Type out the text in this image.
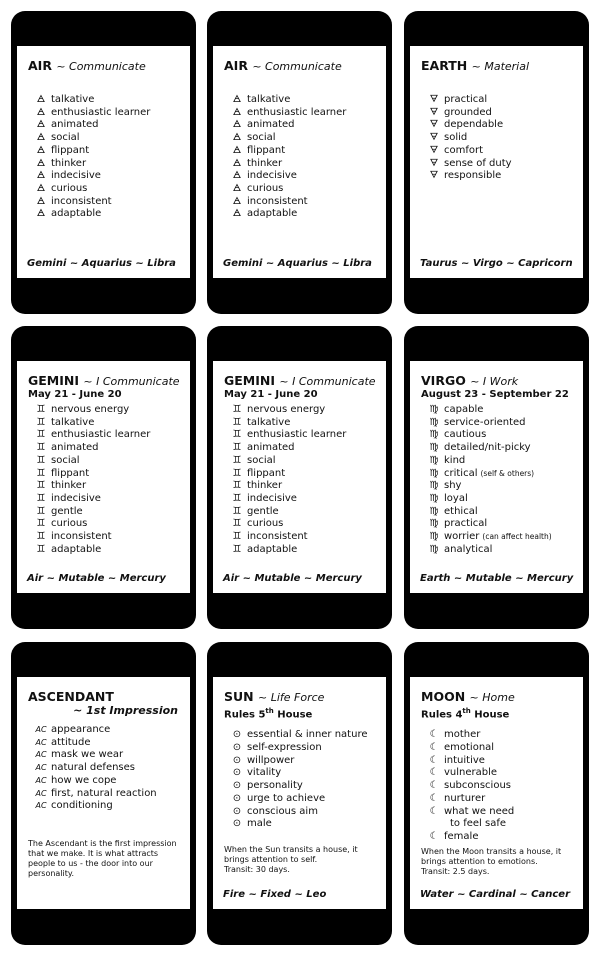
AIR ~ Communicate
🜁 talkative
🜁 enthusiastic learner
🜁 animated
🜁 social
🜁 flippant
🜁 thinker
🜁 indecisive
🜁 curious
🜁 inconsistent
🜁 adaptable
Gemini ~ Aquarius ~ Libra
AIR ~ Communicate
🜁 talkative
🜁 enthusiastic learner
🜁 animated
🜁 social
🜁 flippant
🜁 thinker
🜁 indecisive
🜁 curious
🜁 inconsistent
🜁 adaptable
Gemini ~ Aquarius ~ Libra
EARTH ~ Material
🜃 practical
🜃 grounded
🜃 dependable
🜃 solid
🜃 comfort
🜃 sense of duty
🜃 responsible
Taurus ~ Virgo ~ Capricorn
GEMINI ~ I Communicate
May 21 - June 20
♊ nervous energy
♊ talkative
♊ enthusiastic learner
♊ animated
♊ social
♊ flippant
♊ thinker
♊ indecisive
♊ gentle
♊ curious
♊ inconsistent
♊ adaptable
Air ~ Mutable ~ Mercury
GEMINI ~ I Communicate
May 21 - June 20
♊ nervous energy
♊ talkative
♊ enthusiastic learner
♊ animated
♊ social
♊ flippant
♊ thinker
♊ indecisive
♊ gentle
♊ curious
♊ inconsistent
♊ adaptable
Air ~ Mutable ~ Mercury
VIRGO ~ I Work
August 23 - September 22
♍ capable
♍ service-oriented
♍ cautious
♍ detailed/nit-picky
♍ kind
♍ critical (self & others)
♍ shy
♍ loyal
♍ ethical
♍ practical
♍ worrier (can affect health)
♍ analytical
Earth ~ Mutable ~ Mercury
ASCENDANT
~ 1st Impression
AC appearance
AC attitude
AC mask we wear
AC natural defenses
AC how we cope
AC first, natural reaction
AC conditioning
The Ascendant is the first impression that we make. It is what attracts people to us - the door into our personality.
SUN ~ Life Force
Rules 5th House
⊙ essential & inner nature
⊙ self-expression
⊙ willpower
⊙ vitality
⊙ personality
⊙ urge to achieve
⊙ conscious aim
⊙ male
When the Sun transits a house, it brings attention to self.
Transit: 30 days.
Fire ~ Fixed ~ Leo
MOON ~ Home
Rules 4th House
☾ mother
☾ emotional
☾ intuitive
☾ vulnerable
☾ subconscious
☾ nurturer
☾ what we need
to feel safe
☾ female
When the Moon transits a house, it brings attention to emotions.
Transit: 2.5 days.
Water ~ Cardinal ~ Cancer
